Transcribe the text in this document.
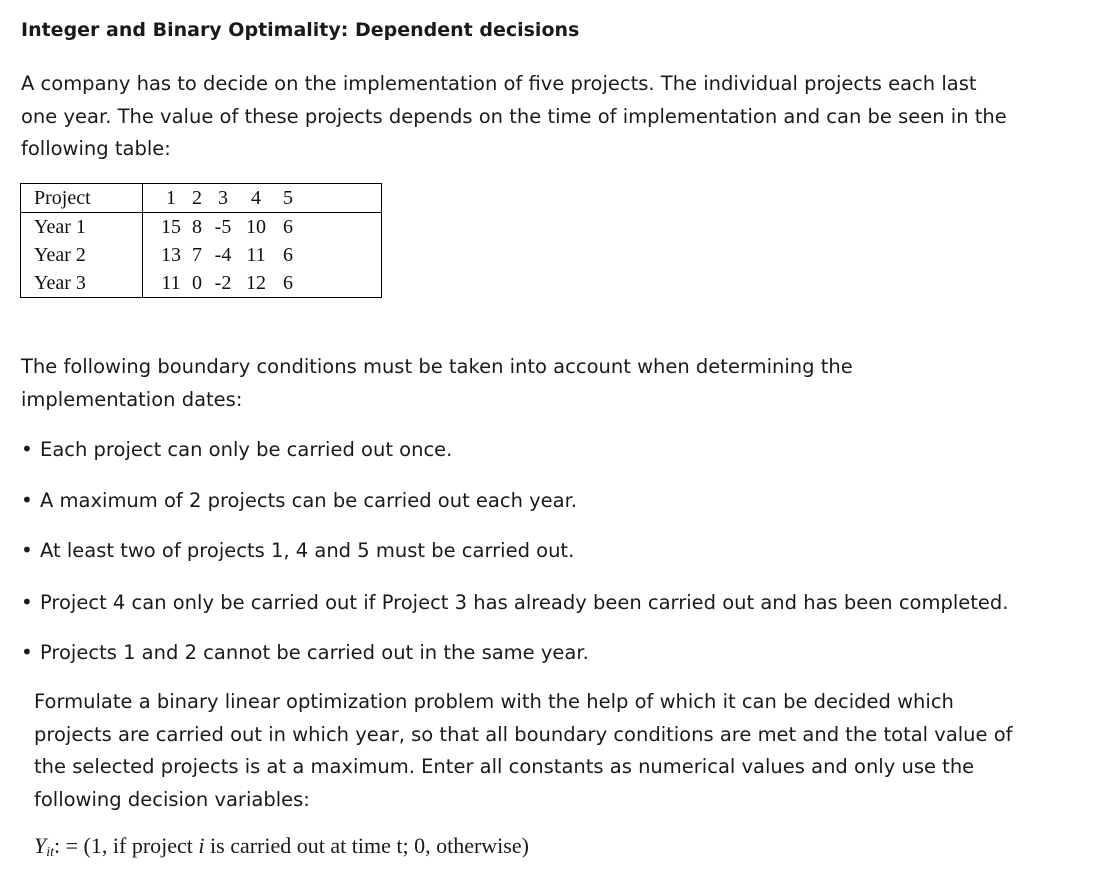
Integer and Binary Optimality: Dependent decisions
A company has to decide on the implementation of five projects. The individual projects each last
one year. The value of these projects depends on the time of implementation and can be seen in the
following table:
Project	1 2 3 4 5
Year 1	15 8 -5 10 6
Year 2	13 7 -4 11 6
Year 3	11 0 -2 12 6
The following boundary conditions must be taken into account when determining the
implementation dates:
• Each project can only be carried out once.
• A maximum of 2 projects can be carried out each year.
• At least two of projects 1, 4 and 5 must be carried out.
• Project 4 can only be carried out if Project 3 has already been carried out and has been completed.
• Projects 1 and 2 cannot be carried out in the same year.
Formulate a binary linear optimization problem with the help of which it can be decided which
projects are carried out in which year, so that all boundary conditions are met and the total value of
the selected projects is at a maximum. Enter all constants as numerical values and only use the
following decision variables:
$Y_{it}$: = (1, if project i is carried out at time t; 0, otherwise)
